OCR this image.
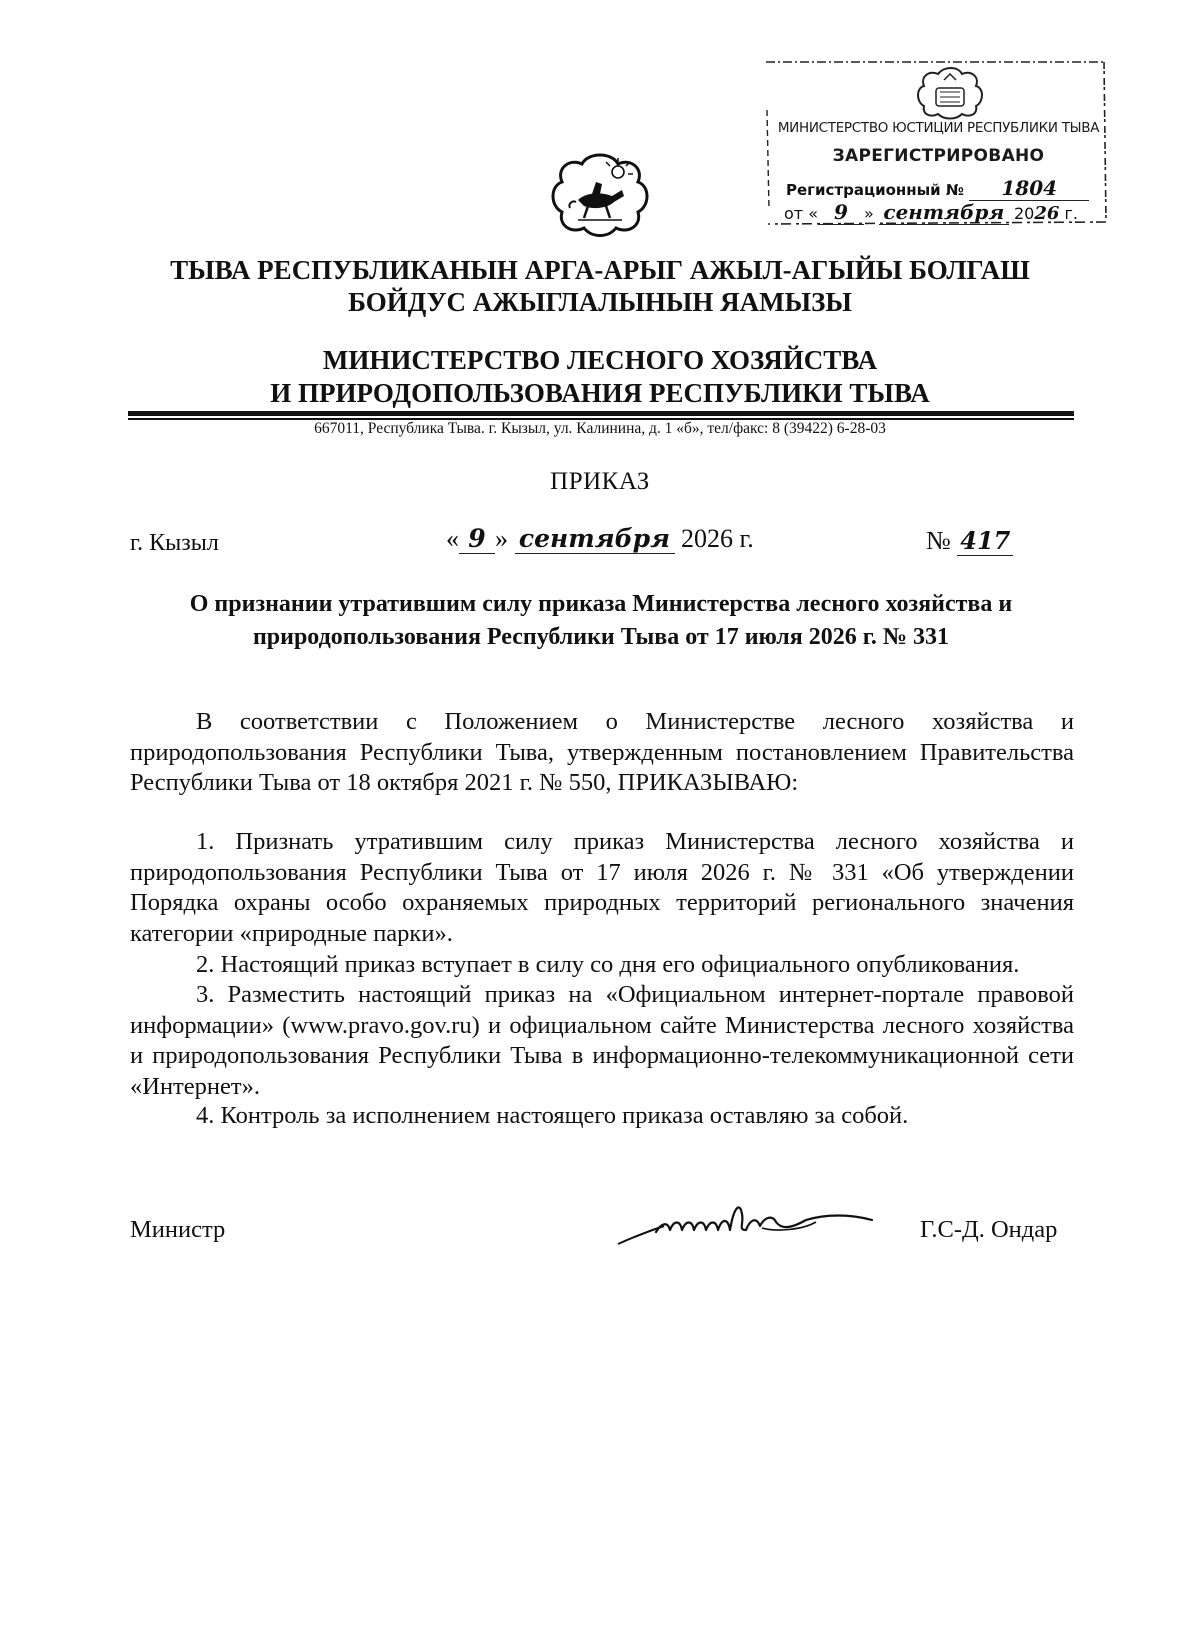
МИНИСТЕРСТВО ЮСТИЦИИ РЕСПУБЛИКИ ТЫВА
ЗАРЕГИСТРИРОВАНО
Регистрационный № 1804
от « 9 » сентября 2026 г.
ТЫВА РЕСПУБЛИКАНЫН АРГА-АРЫГ АЖЫЛ-АГЫЙЫ БОЛГАШ
БОЙДУС АЖЫГЛАЛЫНЫН ЯАМЫЗЫ
МИНИСТЕРСТВО ЛЕСНОГО ХОЗЯЙСТВА
И ПРИРОДОПОЛЬЗОВАНИЯ РЕСПУБЛИКИ ТЫВА
667011, Республика Тыва. г. Кызыл, ул. Калинина, д. 1 «б», тел/факс: 8 (39422) 6-28-03
ПРИКАЗ
г. Кызыл	« 9 » сентября 2026 г.	№ 417
О признании утратившим силу приказа Министерства лесного хозяйства и природопользования Республики Тыва от 17 июля 2026 г. № 331
В соответствии с Положением о Министерстве лесного хозяйства и природопользования Республики Тыва, утвержденным постановлением Правительства Республики Тыва от 18 октября 2021 г. № 550, ПРИКАЗЫВАЮ:
1. Признать утратившим силу приказ Министерства лесного хозяйства и природопользования Республики Тыва от 17 июля 2026 г. № 331 «Об утверждении Порядка охраны особо охраняемых природных территорий регионального значения категории «природные парки».
2. Настоящий приказ вступает в силу со дня его официального опубликования.
3. Разместить настоящий приказ на «Официальном интернет-портале правовой информации» (www.pravo.gov.ru) и официальном сайте Министерства лесного хозяйства и природопользования Республики Тыва в информационно-телекоммуникационной сети «Интернет».
4. Контроль за исполнением настоящего приказа оставляю за собой.
Министр	Г.С-Д. Ондар
